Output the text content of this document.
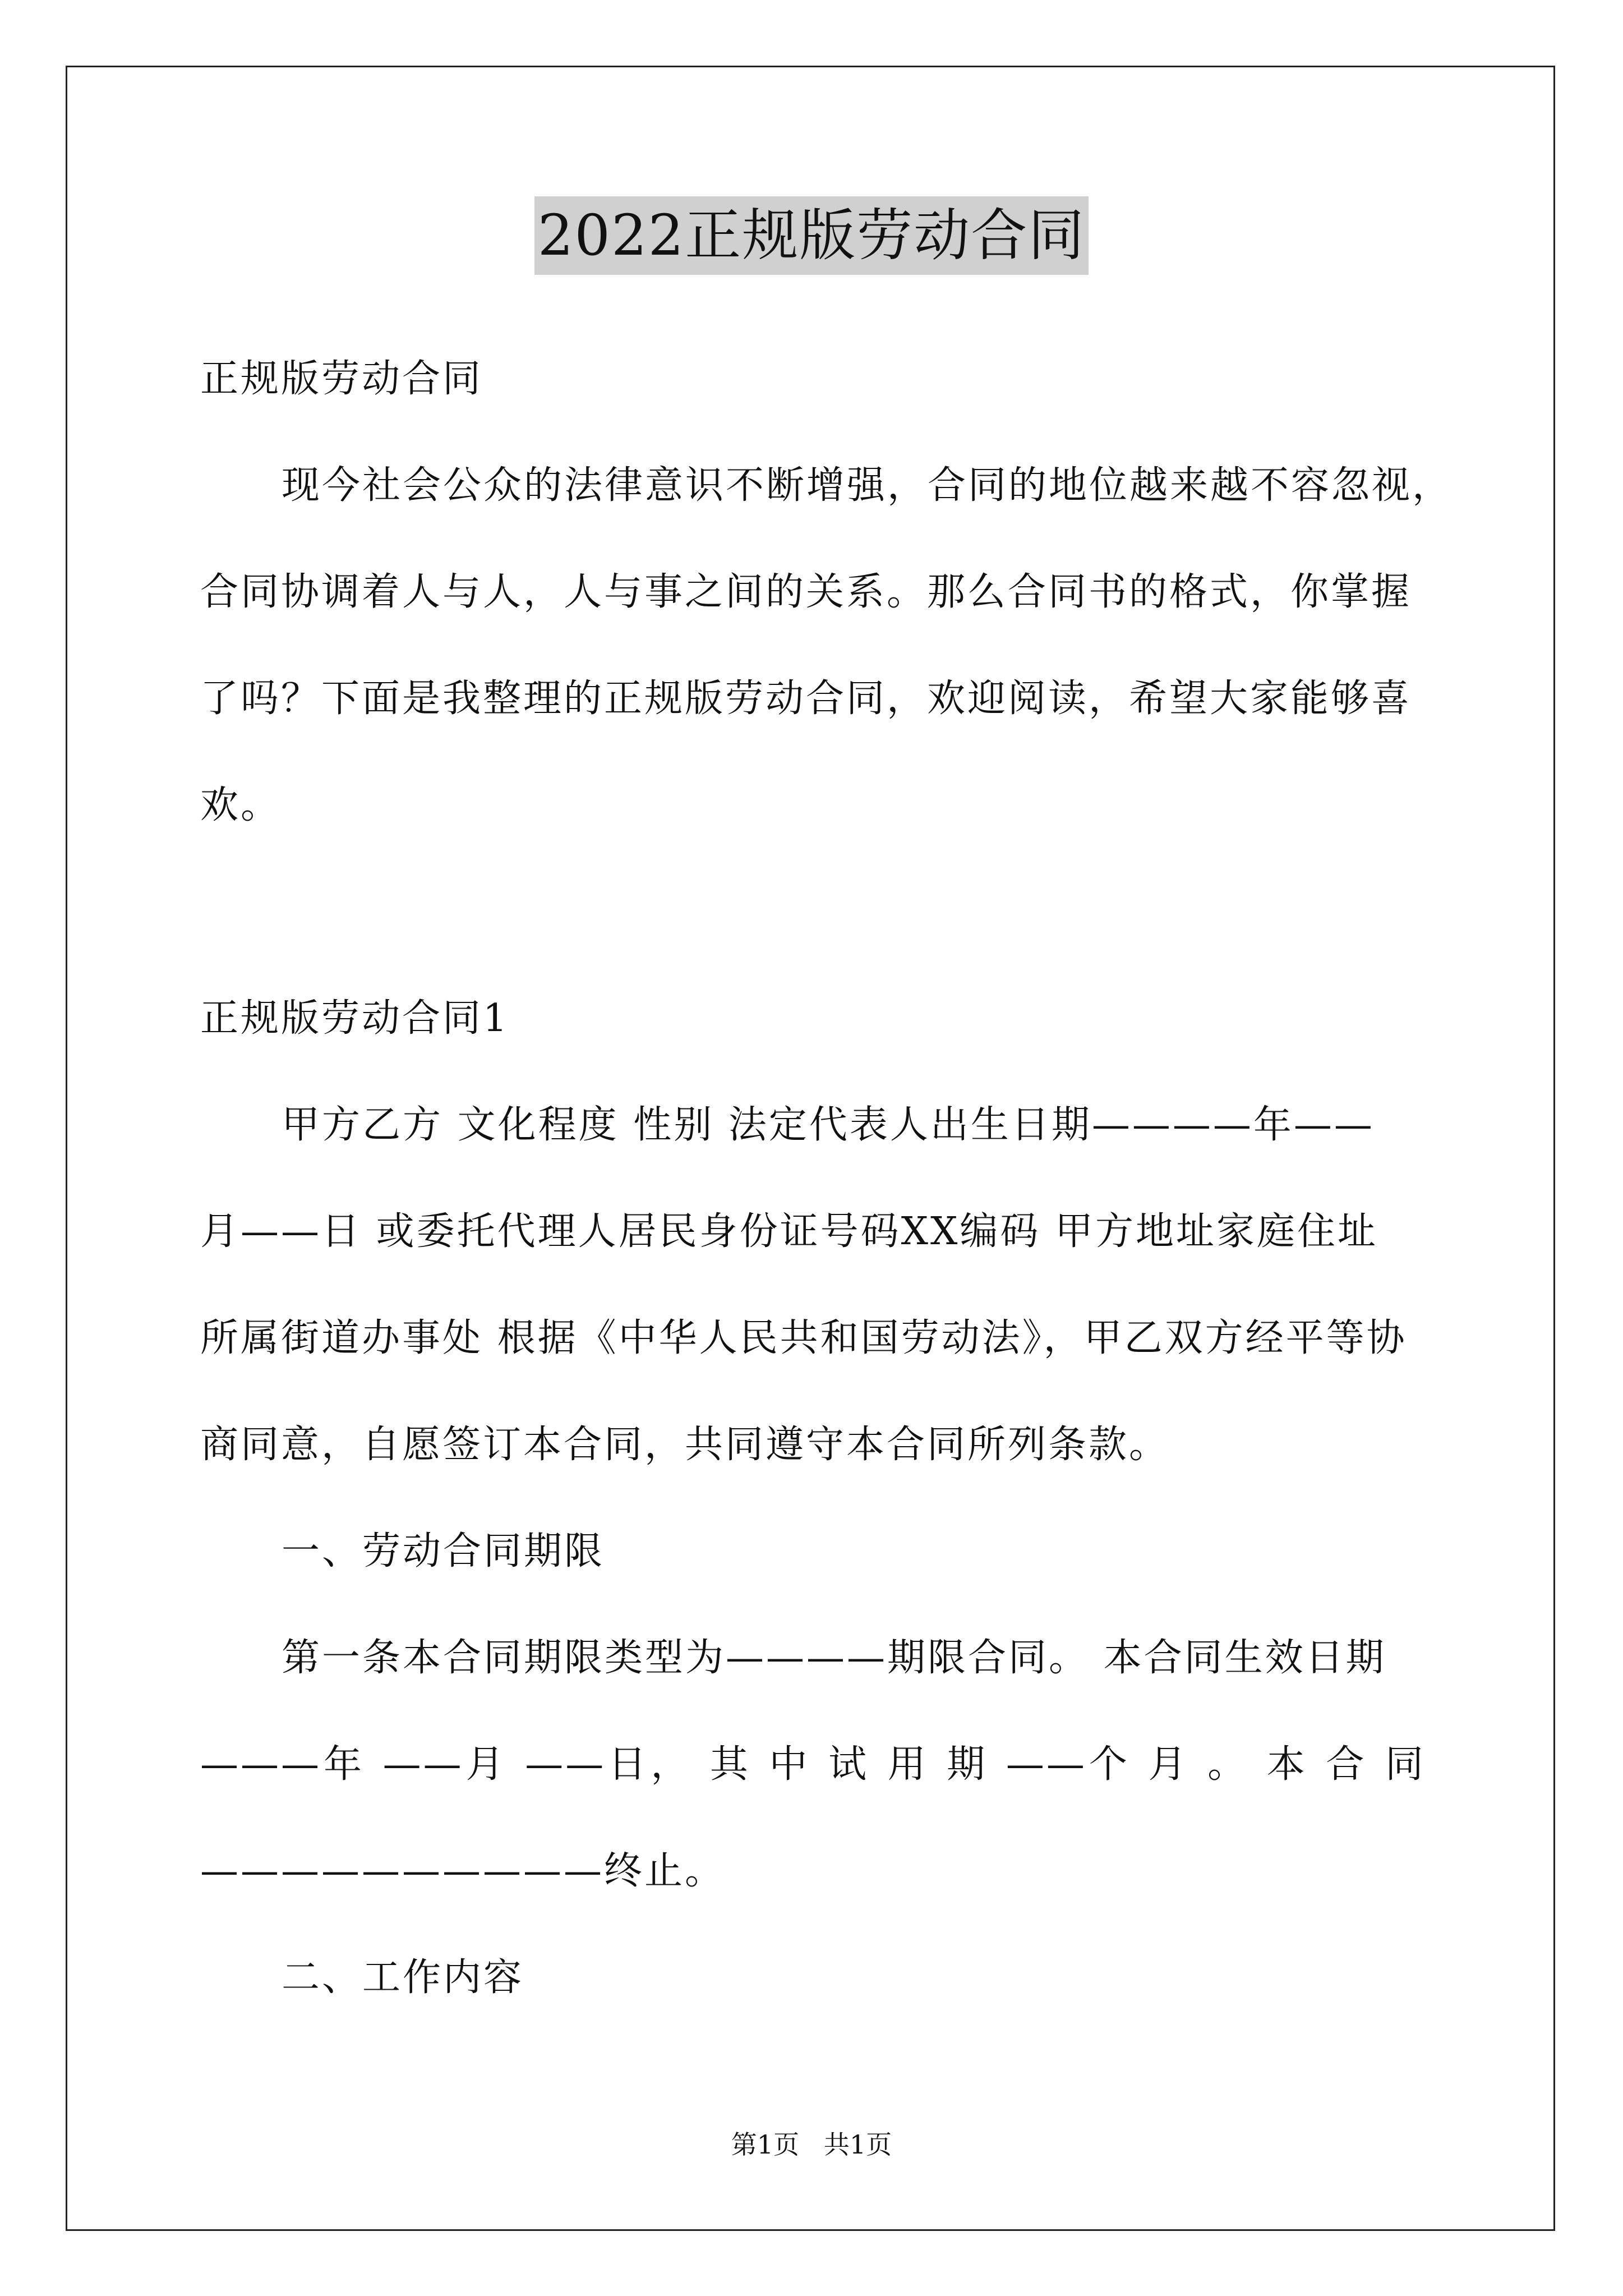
2022正规版劳动合同
正规版劳动合同
现今社会公众的法律意识不断增强，合同的地位越来越不容忽视，
合同协调着人与人，人与事之间的关系。那么合同书的格式，你掌握
了吗？下面是我整理的正规版劳动合同，欢迎阅读，希望大家能够喜
欢。
正规版劳动合同1
甲方乙方 文化程度 性别 法定代表人出生日期————年——
月——日 或委托代理人居民身份证号码XX编码 甲方地址家庭住址
所属街道办事处 根据《中华人民共和国劳动法》，甲乙双方经平等协
商同意，自愿签订本合同，共同遵守本合同所列条款。
一、劳动合同期限
第一条本合同期限类型为————期限合同。 本合同生效日期
———年 ——月 ——日， 其 中 试 用 期 ——个 月 。 本 合 同
——————————终止。
二、工作内容
第1页   共1页
